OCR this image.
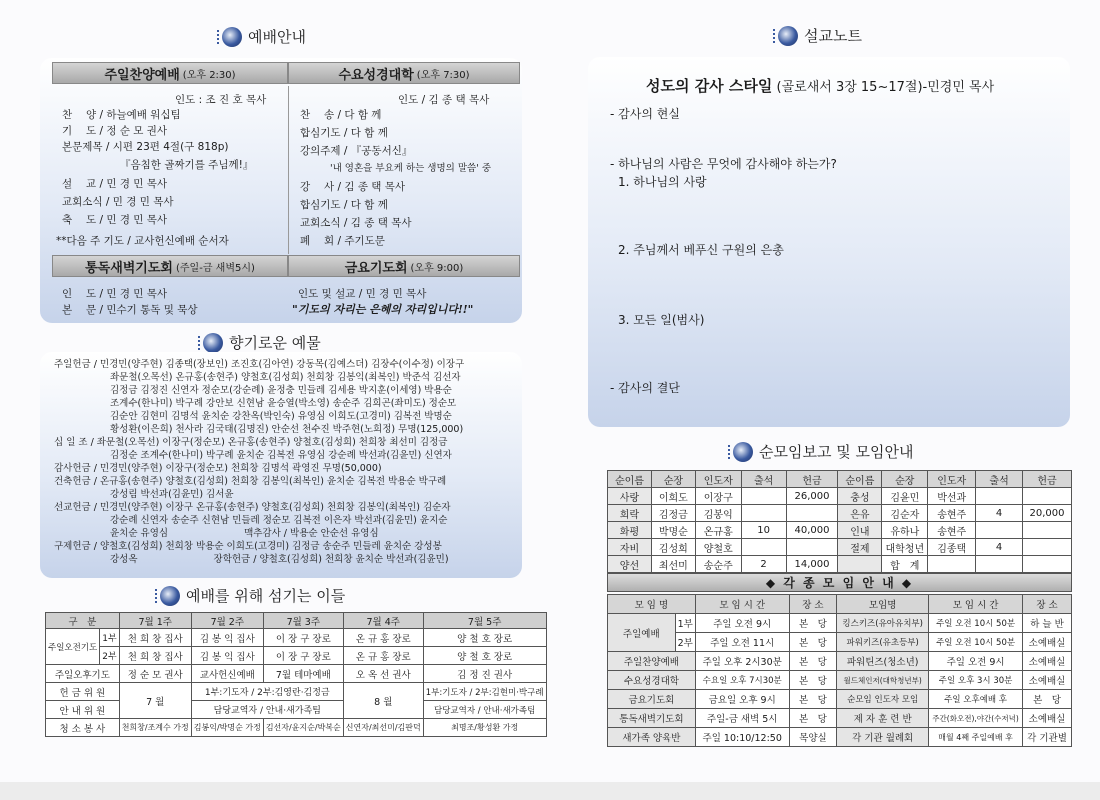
예배안내
주일찬양예배 (오후 2:30)	수요성경대학 (오후 7:30)
인도 : 조 진 호 목사
찬　 양 / 하늘예배 워십팀
기　 도 / 정 순 모 권사
본문제목 / 시편 23편 4절(구 818p)
『음침한 골짜기를 주님께!』
설　 교 / 민 경 민 목사
교회소식 / 민 경 민 목사
축　 도 / 민 경 민 목사
**다음 주 기도 / 교사헌신예배 순서자
인도 / 김 종 택 목사
찬　 송 / 다 함 께
합심기도 / 다 함 께
강의주제 / 『공동서신』
'내 영혼을 부요케 하는 생명의 말씀' 중
강　 사 / 김 종 택 목사
합심기도 / 다 함 께
교회소식 / 김 종 택 목사
폐　 회 / 주기도문
통독새벽기도회 (주일-금 새벽5시)	금요기도회 (오후 9:00)
인　 도 / 민 경 민 목사
본　 문 / 민수기 통독 및 묵상
인도 및 설교 / 민 경 민 목사
"기도의 자리는 은혜의 자리입니다!!"
향기로운 예물
주일헌금 / 민경민(양주현) 김종택(장보인) 조진호(김아연) 강동목(김예스더) 김장수(이수정) 이장구
좌문철(오목선) 온규홍(송현주) 양철호(김성희) 천희창 김봉익(최복인) 박준석 김선자
김정금 김정진 신연자 정순모(강순례) 윤정충 민들레 김세용 박지훈(이세영) 박용순
조계수(한나미) 박구례 강안보 신현남 윤승열(박소영) 송순주 김희곤(좌미도) 정순모
김순안 김현미 김명석 윤치순 강찬옥(박인숙) 유영심 이희도(고경미) 김복전 박명순
황성환(이은희) 천사라 김국태(김명진) 안순선 천수진 박주현(노희정) 무명(125,000)
십 일 조 / 좌문철(오목선) 이장구(정순모) 온규홍(송현주) 양철호(김성희) 천희창 최선미 김정금
김정순 조계수(한나미) 박구례 윤치순 김복전 유영심 강순례 박선과(김윤민) 신연자
감사헌금 / 민경민(양주현) 이장구(정순모) 천희창 김명석 곽영진 무명(50,000)
건축헌금 / 온규홍(송현주) 양철호(김성희) 천희창 김봉익(최복인) 윤치순 김복전 박용순 박구례
강성림 박선과(김윤민) 김서윤
선교헌금 / 민경민(양주현) 이장구 온규홍(송현주) 양철호(김성희) 천희창 김봉익(최복인) 김순자
강순례 신연자 송순주 신현남 민들레 정순모 김복전 이은자 박선과(김윤민) 윤지순
윤치순 유영심　　　　　　　　맥추감사 / 박용순 안순선 유영심
구제헌금 / 양철호(김성희) 천희창 박용순 이희도(고경미) 김정금 송순주 민들레 윤치순 강성봉
강성옥　　　　　　　　장학헌금 / 양철호(김성희) 천희창 윤치순 박선과(김윤민)
예배를 위해 섬기는 이들
구　분		7월 1주	7월 2주	7월 3주	7월 4주	7월 5주
주일오전기도	1부	천 희 창 집사	김 봉 익 집사	이 장 구 장로	온 규 홍 장로	양 철 호 장로
	2부	천 희 창 집사	김 봉 익 집사	이 장 구 장로	온 규 홍 장로	양 철 호 장로
주일오후기도		정 순 모 권사	교사헌신예배	7월 테마예배	오 옥 선 권사	김 정 진 권사
헌 금 위 원		7 월	1부:기도자 / 2부:김영란·김정금		8 월	1부:기도자 / 2부:김현미·박구례
안 내 위 원			담당교역자 / 안내·새가족팀			담당교역자 / 안내·새가족팀
청 소 봉 사		천희창/조계수 가정	김봉익/박명순 가정	김선자/윤지순/박복순	신연자/최선미/김판덕	최명조/황성환 가정
설교노트
성도의 감사 스타일 (골로새서 3장 15~17절)-민경민 목사
- 감사의 현실
- 하나님의 사람은 무엇에 감사해야 하는가?
1. 하나님의 사랑
2. 주님께서 베푸신 구원의 은총
3. 모든 일(범사)
- 감사의 결단
순모임보고 및 모임안내
순이름	순장	인도자	출석	헌금	순이름	순장	인도자	출석	헌금
사랑	이희도	이장구		26,000	충성	김윤민	박선과		
희락	김정금	김봉익			은유	김순자	송현주	4	20,000
화평	박명순	온규홍	10	40,000	인내	유하나	송현주		
자비	김성희	양철호			절제	대학청년	김종택	4	
양선	최선미	송순주	2	14,000		합　계			
◆ 각 종 모 임 안 내 ◆
모 임 명		모 임 시 간	장 소	모임명	모 임 시 간	장 소
주일예배	1부	주일 오전 9시	본　당	킹스키즈(유아유치부)	주일 오전 10시 50분	하 늘 반
	2부	주일 오전 11시	본　당	파워키즈(유초등부)	주일 오전 10시 50분	소예배실
주일찬양예배		주일 오후 2시30분	본　당	파워틴즈(청소년)	주일 오전 9시	소예배실
수요성경대학		수요일 오후 7시30분	본　당	월드체인저(대학청년부)	주일 오후 3시 30분	소예배실
금요기도회		금요일 오후 9시	본　당	순모임 인도자 모임	주일 오후예배 후	본　당
통독새벽기도회		주일-금 새벽 5시	본　당	제 자 훈 련 반	주간(화오전),야간(수저녁)	소예배실
새가족 양육반		주일 10:10/12:50	목양실	각 기관 월례회	매월 4째 주일예배 후	각 기관별
